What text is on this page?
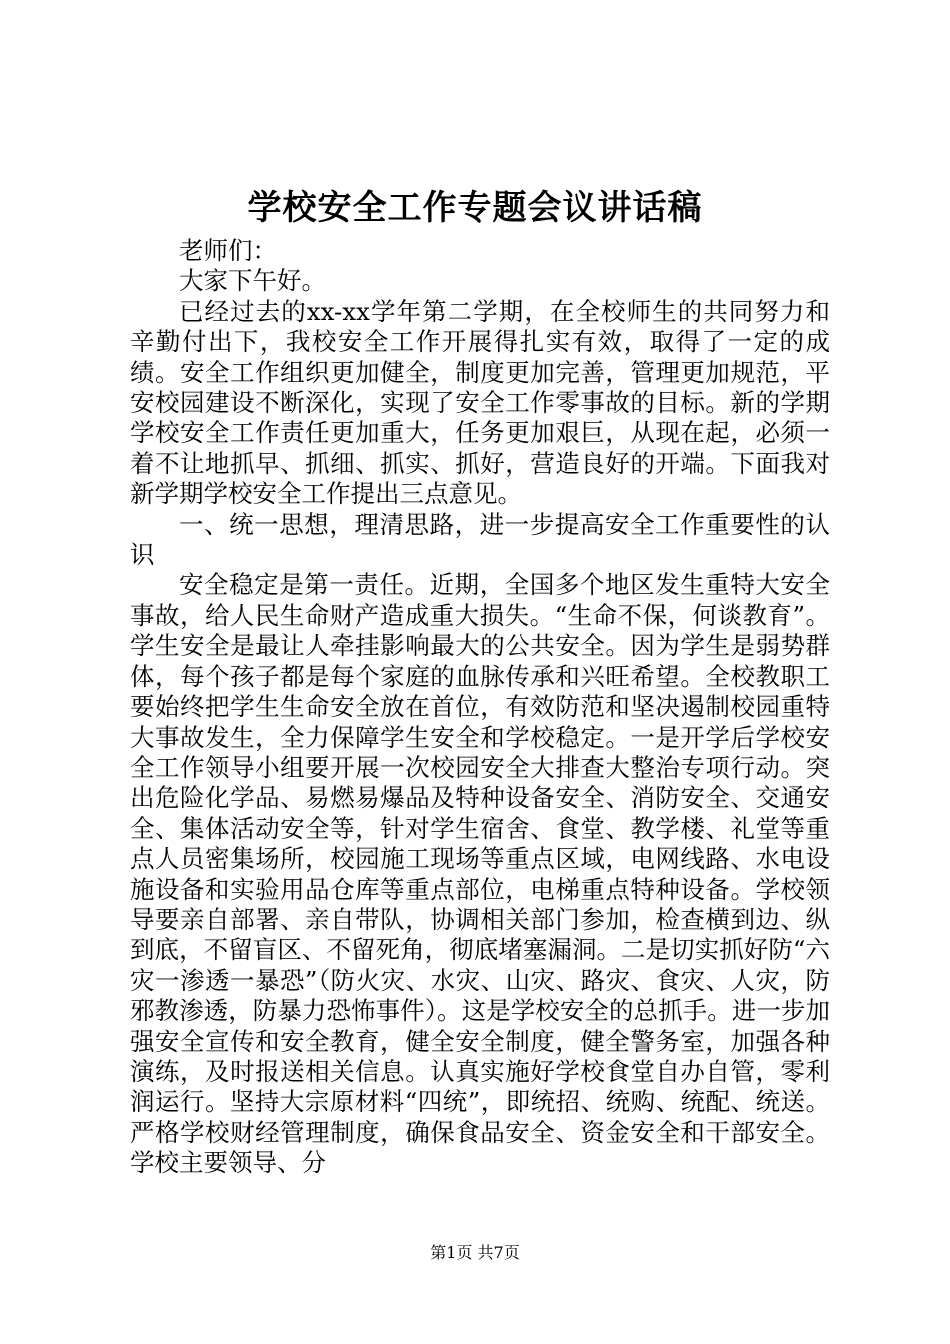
学校安全工作专题会议讲话稿

老师们：

大家下午好。

已经过去的xx-xx学年第二学期，在全校师生的共同努力和辛勤付出下，我校安全工作开展得扎实有效，取得了一定的成绩。安全工作组织更加健全，制度更加完善，管理更加规范，平安校园建设不断深化，实现了安全工作零事故的目标。新的学期学校安全工作责任更加重大，任务更加艰巨，从现在起，必须一着不让地抓早、抓细、抓实、抓好，营造良好的开端。下面我对新学期学校安全工作提出三点意见。

一、统一思想，理清思路，进一步提高安全工作重要性的认识

安全稳定是第一责任。近期，全国多个地区发生重特大安全事故，给人民生命财产造成重大损失。“生命不保，何谈教育”。学生安全是最让人牵挂影响最大的公共安全。因为学生是弱势群体，每个孩子都是每个家庭的血脉传承和兴旺希望。全校教职工要始终把学生生命安全放在首位，有效防范和坚决遏制校园重特大事故发生，全力保障学生安全和学校稳定。一是开学后学校安全工作领导小组要开展一次校园安全大排查大整治专项行动。突出危险化学品、易燃易爆品及特种设备安全、消防安全、交通安全、集体活动安全等，针对学生宿舍、食堂、教学楼、礼堂等重点人员密集场所，校园施工现场等重点区域，电网线路、水电设施设备和实验用品仓库等重点部位，电梯重点特种设备。学校领导要亲自部署、亲自带队，协调相关部门参加，检查横到边、纵到底，不留盲区、不留死角，彻底堵塞漏洞。二是切实抓好防“六灾一渗透一暴恐”（防火灾、水灾、山灾、路灾、食灾、人灾，防邪教渗透，防暴力恐怖事件）。这是学校安全的总抓手。进一步加强安全宣传和安全教育，健全安全制度，健全警务室，加强各种演练，及时报送相关信息。认真实施好学校食堂自办自管，零利润运行。坚持大宗原材料“四统”，即统招、统购、统配、统送。严格学校财经管理制度，确保食品安全、资金安全和干部安全。学校主要领导、分

第1页 共7页
